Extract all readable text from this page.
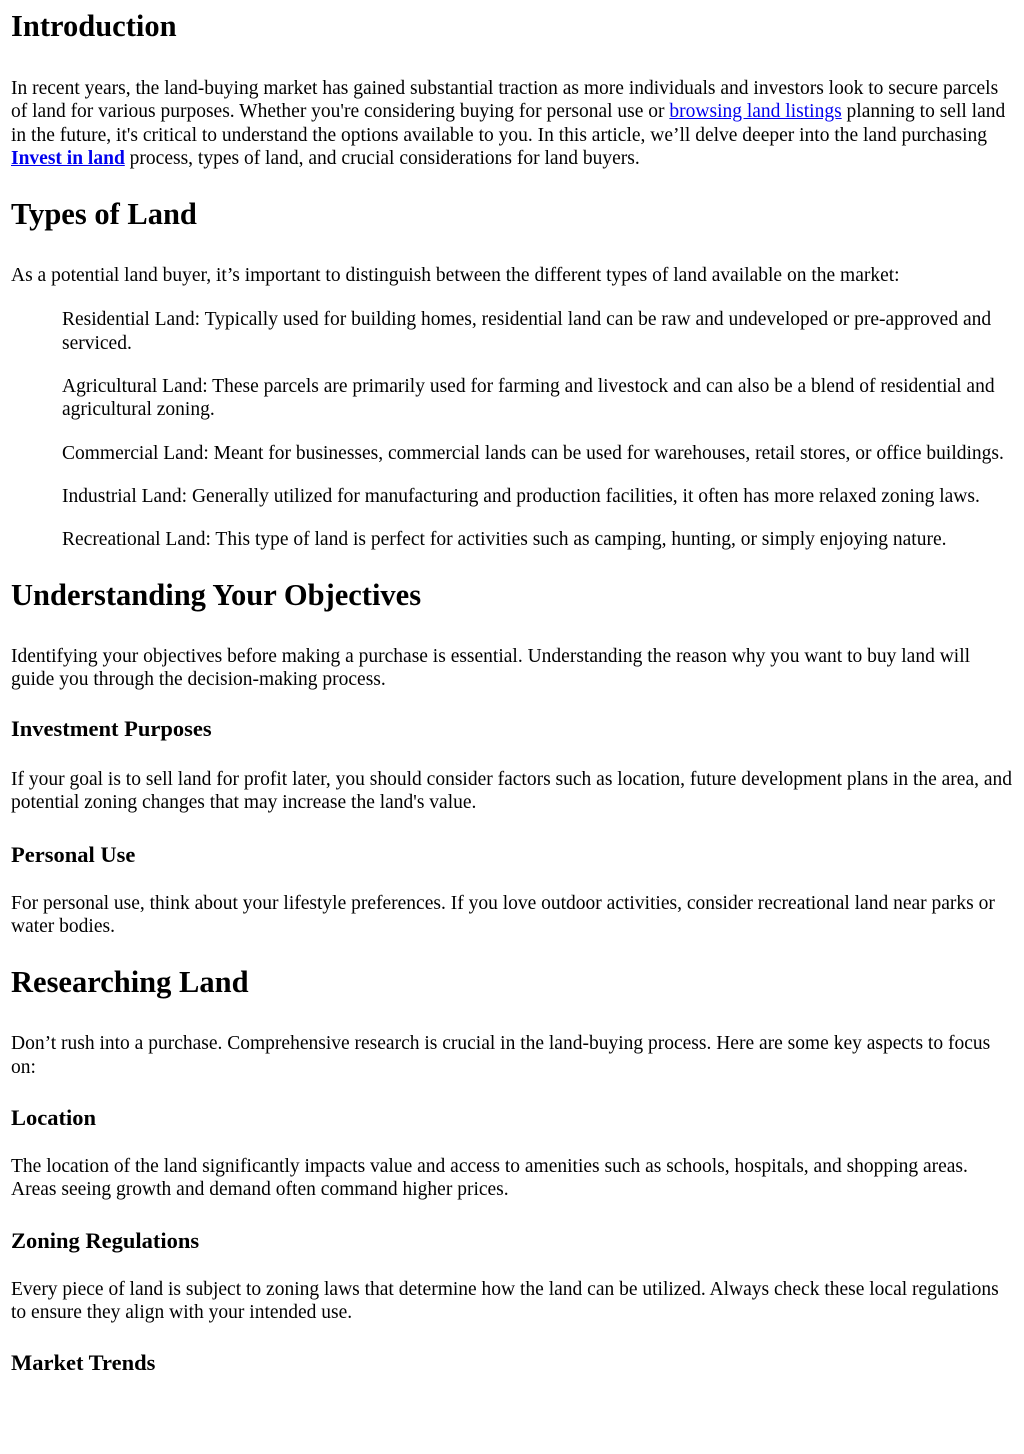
Introduction

In recent years, the land-buying market has gained substantial traction as more individuals and investors look to secure parcels of land for various purposes. Whether you're considering buying for personal use or browsing land listings planning to sell land in the future, it's critical to understand the options available to you. In this article, we’ll delve deeper into the land purchasing Invest in land process, types of land, and crucial considerations for land buyers.

Types of Land

As a potential land buyer, it’s important to distinguish between the different types of land available on the market:

Residential Land: Typically used for building homes, residential land can be raw and undeveloped or pre-approved and serviced.

Agricultural Land: These parcels are primarily used for farming and livestock and can also be a blend of residential and agricultural zoning.

Commercial Land: Meant for businesses, commercial lands can be used for warehouses, retail stores, or office buildings.

Industrial Land: Generally utilized for manufacturing and production facilities, it often has more relaxed zoning laws.

Recreational Land: This type of land is perfect for activities such as camping, hunting, or simply enjoying nature.

Understanding Your Objectives

Identifying your objectives before making a purchase is essential. Understanding the reason why you want to buy land will guide you through the decision-making process.

Investment Purposes

If your goal is to sell land for profit later, you should consider factors such as location, future development plans in the area, and potential zoning changes that may increase the land's value.

Personal Use

For personal use, think about your lifestyle preferences. If you love outdoor activities, consider recreational land near parks or water bodies.

Researching Land

Don’t rush into a purchase. Comprehensive research is crucial in the land-buying process. Here are some key aspects to focus on:

Location

The location of the land significantly impacts value and access to amenities such as schools, hospitals, and shopping areas. Areas seeing growth and demand often command higher prices.

Zoning Regulations

Every piece of land is subject to zoning laws that determine how the land can be utilized. Always check these local regulations to ensure they align with your intended use.

Market Trends
